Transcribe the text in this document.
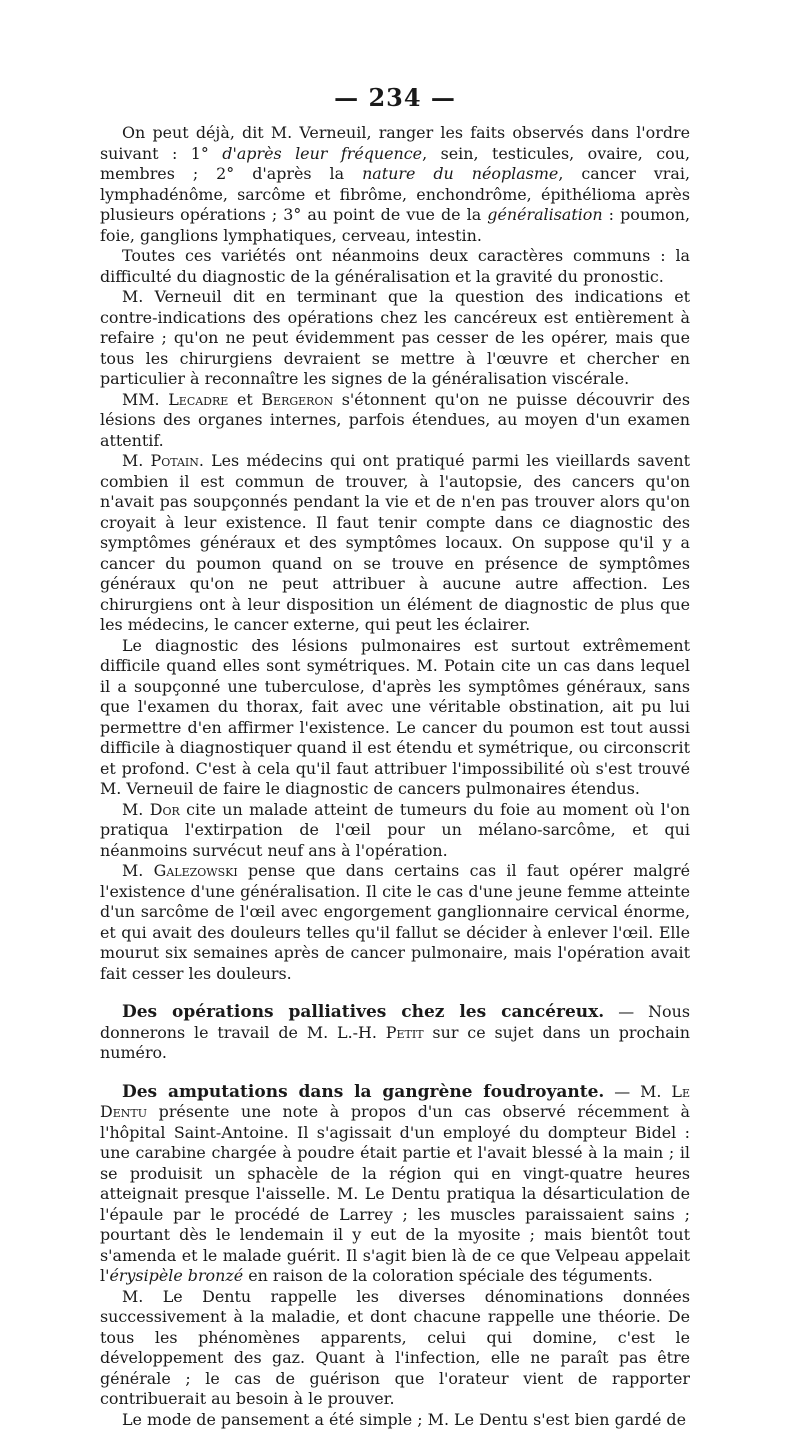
— 234 —

On peut déjà, dit M. Verneuil, ranger les faits observés dans l'ordre suivant : 1° d'après leur fréquence, sein, testicules, ovaire, cou, membres ; 2° d'après la nature du néoplasme, cancer vrai, lymphadénôme, sarcôme et fibrôme, enchondrôme, épithélioma après plusieurs opérations ; 3° au point de vue de la généralisation : poumon, foie, ganglions lymphatiques, cerveau, intestin.

Toutes ces variétés ont néanmoins deux caractères communs : la difficulté du diagnostic de la généralisation et la gravité du pronostic.

M. Verneuil dit en terminant que la question des indications et contre-indications des opérations chez les cancéreux est entièrement à refaire ; qu'on ne peut évidemment pas cesser de les opérer, mais que tous les chirurgiens devraient se mettre à l'œuvre et chercher en particulier à reconnaître les signes de la généralisation viscérale.

MM. Lecadre et Bergeron s'étonnent qu'on ne puisse découvrir des lésions des organes internes, parfois étendues, au moyen d'un examen attentif.

M. Potain. Les médecins qui ont pratiqué parmi les vieillards savent combien il est commun de trouver, à l'autopsie, des cancers qu'on n'avait pas soupçonnés pendant la vie et de n'en pas trouver alors qu'on croyait à leur existence. Il faut tenir compte dans ce diagnostic des symptômes généraux et des symptômes locaux. On suppose qu'il y a cancer du poumon quand on se trouve en présence de symptômes généraux qu'on ne peut attribuer à aucune autre affection. Les chirurgiens ont à leur disposition un élément de diagnostic de plus que les médecins, le cancer externe, qui peut les éclairer.

Le diagnostic des lésions pulmonaires est surtout extrêmement difficile quand elles sont symétriques. M. Potain cite un cas dans lequel il a soupçonné une tuberculose, d'après les symptômes généraux, sans que l'examen du thorax, fait avec une véritable obstination, ait pu lui permettre d'en affirmer l'existence. Le cancer du poumon est tout aussi difficile à diagnostiquer quand il est étendu et symétrique, ou circonscrit et profond. C'est à cela qu'il faut attribuer l'impossibilité où s'est trouvé M. Verneuil de faire le diagnostic de cancers pulmonaires étendus.

M. Dor cite un malade atteint de tumeurs du foie au moment où l'on pratiqua l'extirpation de l'œil pour un mélano-sarcôme, et qui néanmoins survécut neuf ans à l'opération.

M. Galezowski pense que dans certains cas il faut opérer malgré l'existence d'une généralisation. Il cite le cas d'une jeune femme atteinte d'un sarcôme de l'œil avec engorgement ganglionnaire cervical énorme, et qui avait des douleurs telles qu'il fallut se décider à enlever l'œil. Elle mourut six semaines après de cancer pulmonaire, mais l'opération avait fait cesser les douleurs.

Des opérations palliatives chez les cancéreux. — Nous donnerons le travail de M. L.-H. Petit sur ce sujet dans un prochain numéro.

Des amputations dans la gangrène foudroyante. — M. Le Dentu présente une note à propos d'un cas observé récemment à l'hôpital Saint-Antoine. Il s'agissait d'un employé du dompteur Bidel : une carabine chargée à poudre était partie et l'avait blessé à la main ; il se produisit un sphacèle de la région qui en vingt-quatre heures atteignait presque l'aisselle. M. Le Dentu pratiqua la désarticulation de l'épaule par le procédé de Larrey ; les muscles paraissaient sains ; pourtant dès le lendemain il y eut de la myosite ; mais bientôt tout s'amenda et le malade guérit. Il s'agit bien là de ce que Velpeau appelait l'érysipèle bronzé en raison de la coloration spéciale des téguments.

M. Le Dentu rappelle les diverses dénominations données successivement à la maladie, et dont chacune rappelle une théorie. De tous les phénomènes apparents, celui qui domine, c'est le développement des gaz. Quant à l'infection, elle ne paraît pas être générale ; le cas de guérison que l'orateur vient de rapporter contribuerait au besoin à le prouver.

Le mode de pansement a été simple ; M. Le Dentu s'est bien gardé de
